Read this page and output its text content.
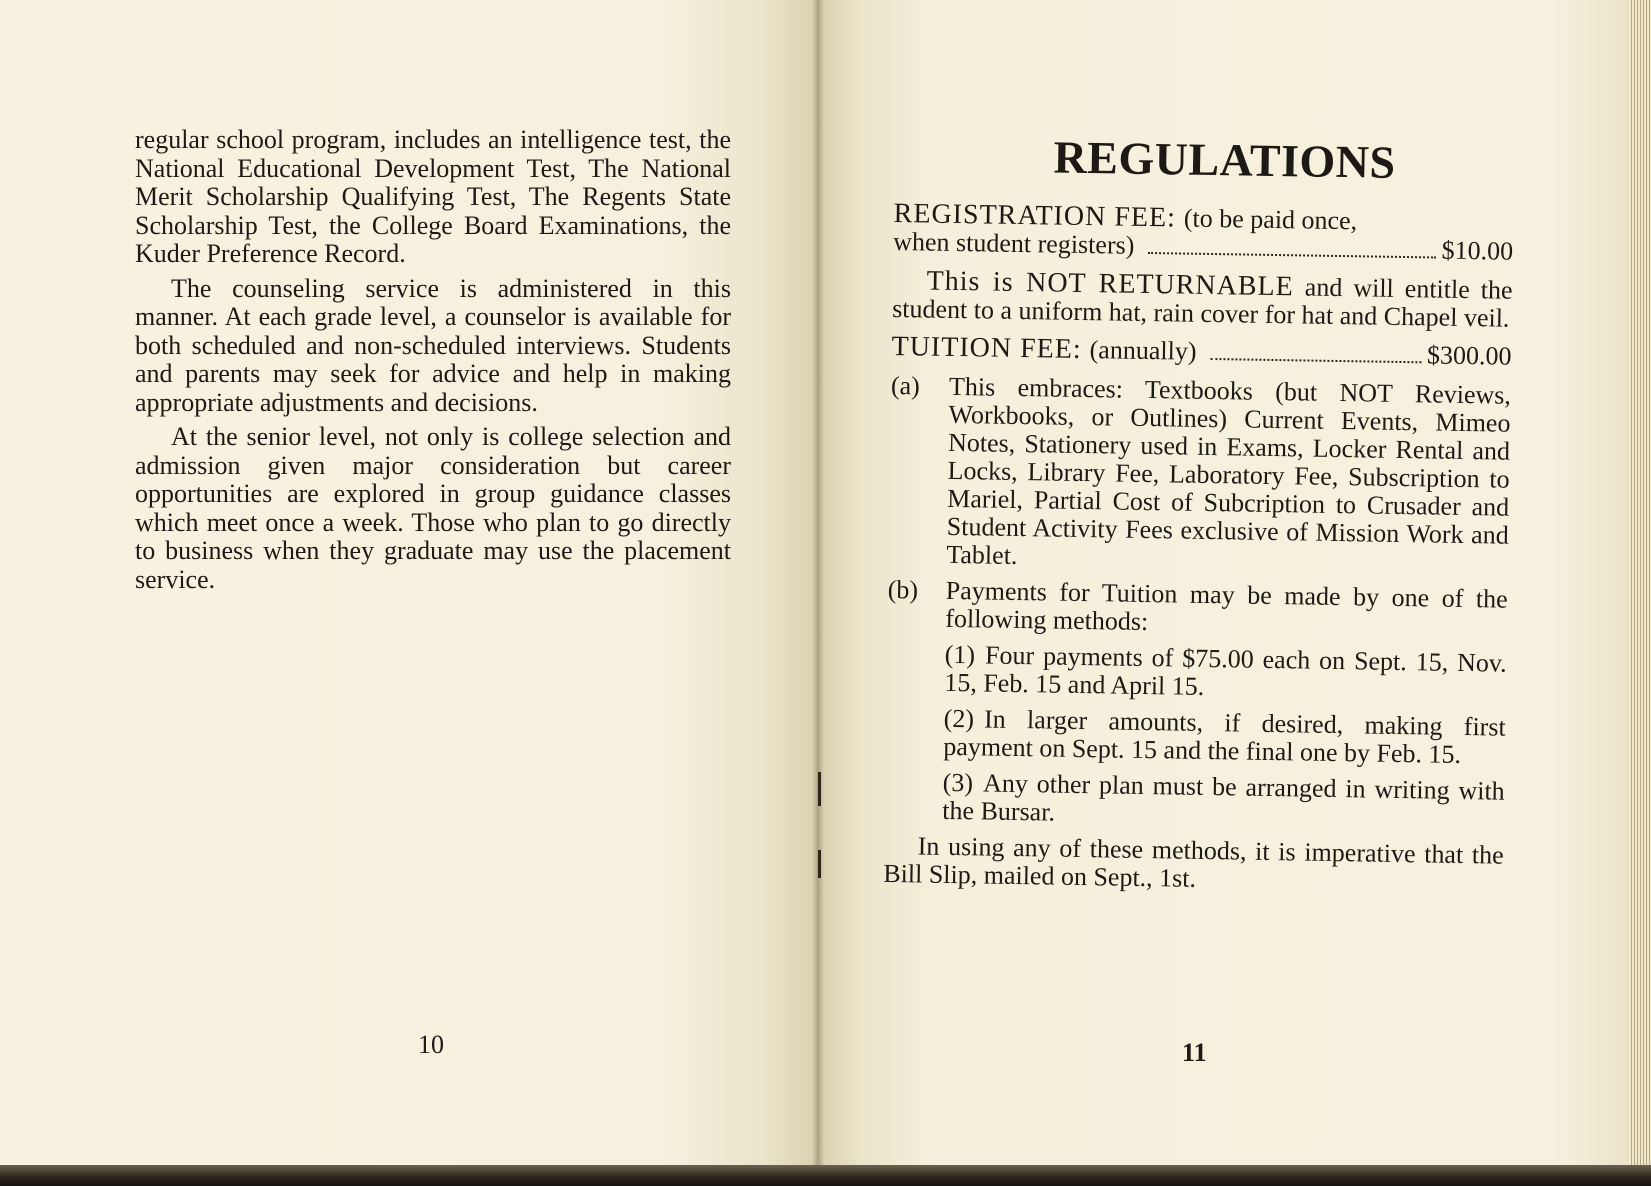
regular school program, includes an intelligence test, the National Educational Development Test, The National Merit Scholarship Qualifying Test, The Regents State Scholarship Test, the College Board Examinations, the Kuder Preference Record.

The counseling service is administered in this manner. At each grade level, a counselor is available for both scheduled and non-scheduled interviews. Students and parents may seek for advice and help in making appropriate adjustments and decisions.

At the senior level, not only is college selection and admission given major consideration but career opportunities are explored in group guidance classes which meet once a week. Those who plan to go directly to business when they graduate may use the placement service.

10
REGULATIONS
REGISTRATION FEE: (to be paid once,
when student registers)	$10.00
This is NOT RETURNABLE and will entitle the student to a uniform hat, rain cover for hat and Chapel veil.
TUITION FEE: (annually)	$300.00
(a)	This embraces: Textbooks (but NOT Reviews, Workbooks, or Outlines) Current Events, Mimeo Notes, Stationery used in Exams, Locker Rental and Locks, Library Fee, Laboratory Fee, Subscription to Mariel, Partial Cost of Subcription to Crusader and Student Activity Fees exclusive of Mission Work and Tablet.
(b)	Payments for Tuition may be made by one of the following methods:
(1) Four payments of $75.00 each on Sept. 15, Nov. 15, Feb. 15 and April 15.
(2) In larger amounts, if desired, making first payment on Sept. 15 and the final one by Feb. 15.
(3) Any other plan must be arranged in writing with the Bursar.
In using any of these methods, it is imperative that the Bill Slip, mailed on Sept., 1st.
11
